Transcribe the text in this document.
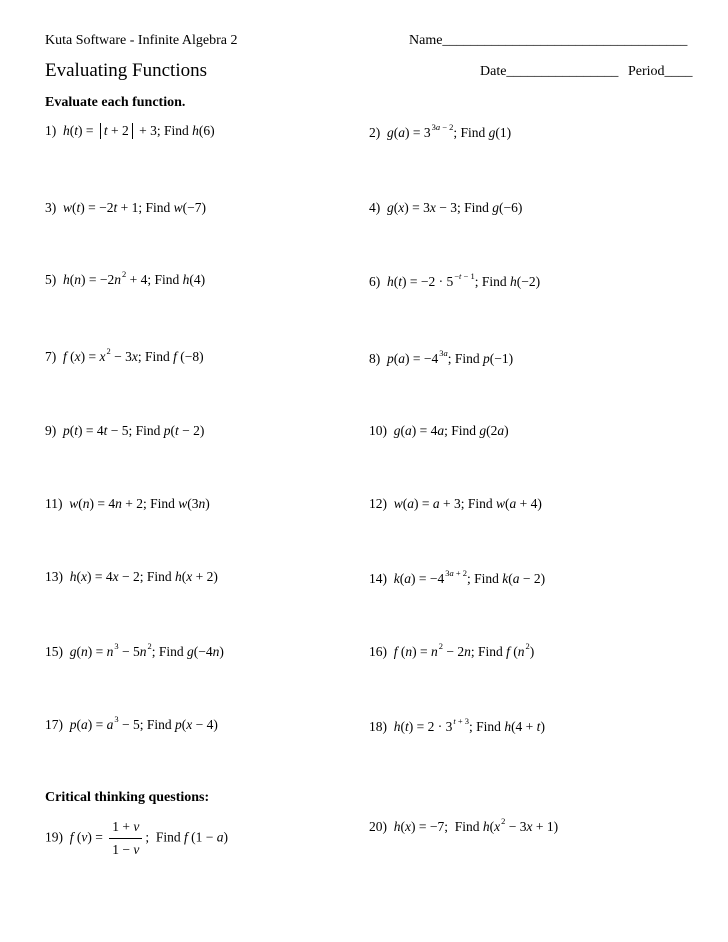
Kuta Software - Infinite Algebra 2	Name___________________________________
Evaluating Functions	Date________________ Period____
Evaluate each function.
1) h(t) = t + 2 + 3; Find h(6)	2) $g(a) = 3^{3a - 2}$; Find g(1)
3) w(t) = −2t + 1; Find w(−7)	4) g(x) = 3x − 3; Find g(−6)
5) $h(n) = -2n^2 + 4$; Find h(4)	6) $h(t) = -2 \cdot 5^{-t - 1}$; Find h(−2)
7) f $(x) = x^2 - 3x$; Find f (−8)	8) $p(a) = -4^{3a}$; Find p(−1)
9) p(t) = 4t − 5; Find p(t − 2)	10) g(a) = 4a; Find g(2a)
11) w(n) = 4n + 2; Find w(3n)	12) w(a) = a + 3; Find w(a + 4)
13) h(x) = 4x − 2; Find h(x + 2)	14) $k(a) = -4^{3a + 2}$; Find k(a − 2)
15) $g(n) = n^3 - 5n^2$; Find g(−4n)	16) f $(n) = n^2 - 2n$; Find f $(n^2)$
17) $p(a) = a^3 - 5$; Find p(x − 4)	18) $h(t) = 2 \cdot 3^{t + 3}$; Find h(4 + t)
Critical thinking questions:
19) f $(v) = \frac{1 + v}{1 - v}$ ;  Find f (1 − a)
20) h(x) = −7;  Find $h(x^2 - 3x + 1)$
